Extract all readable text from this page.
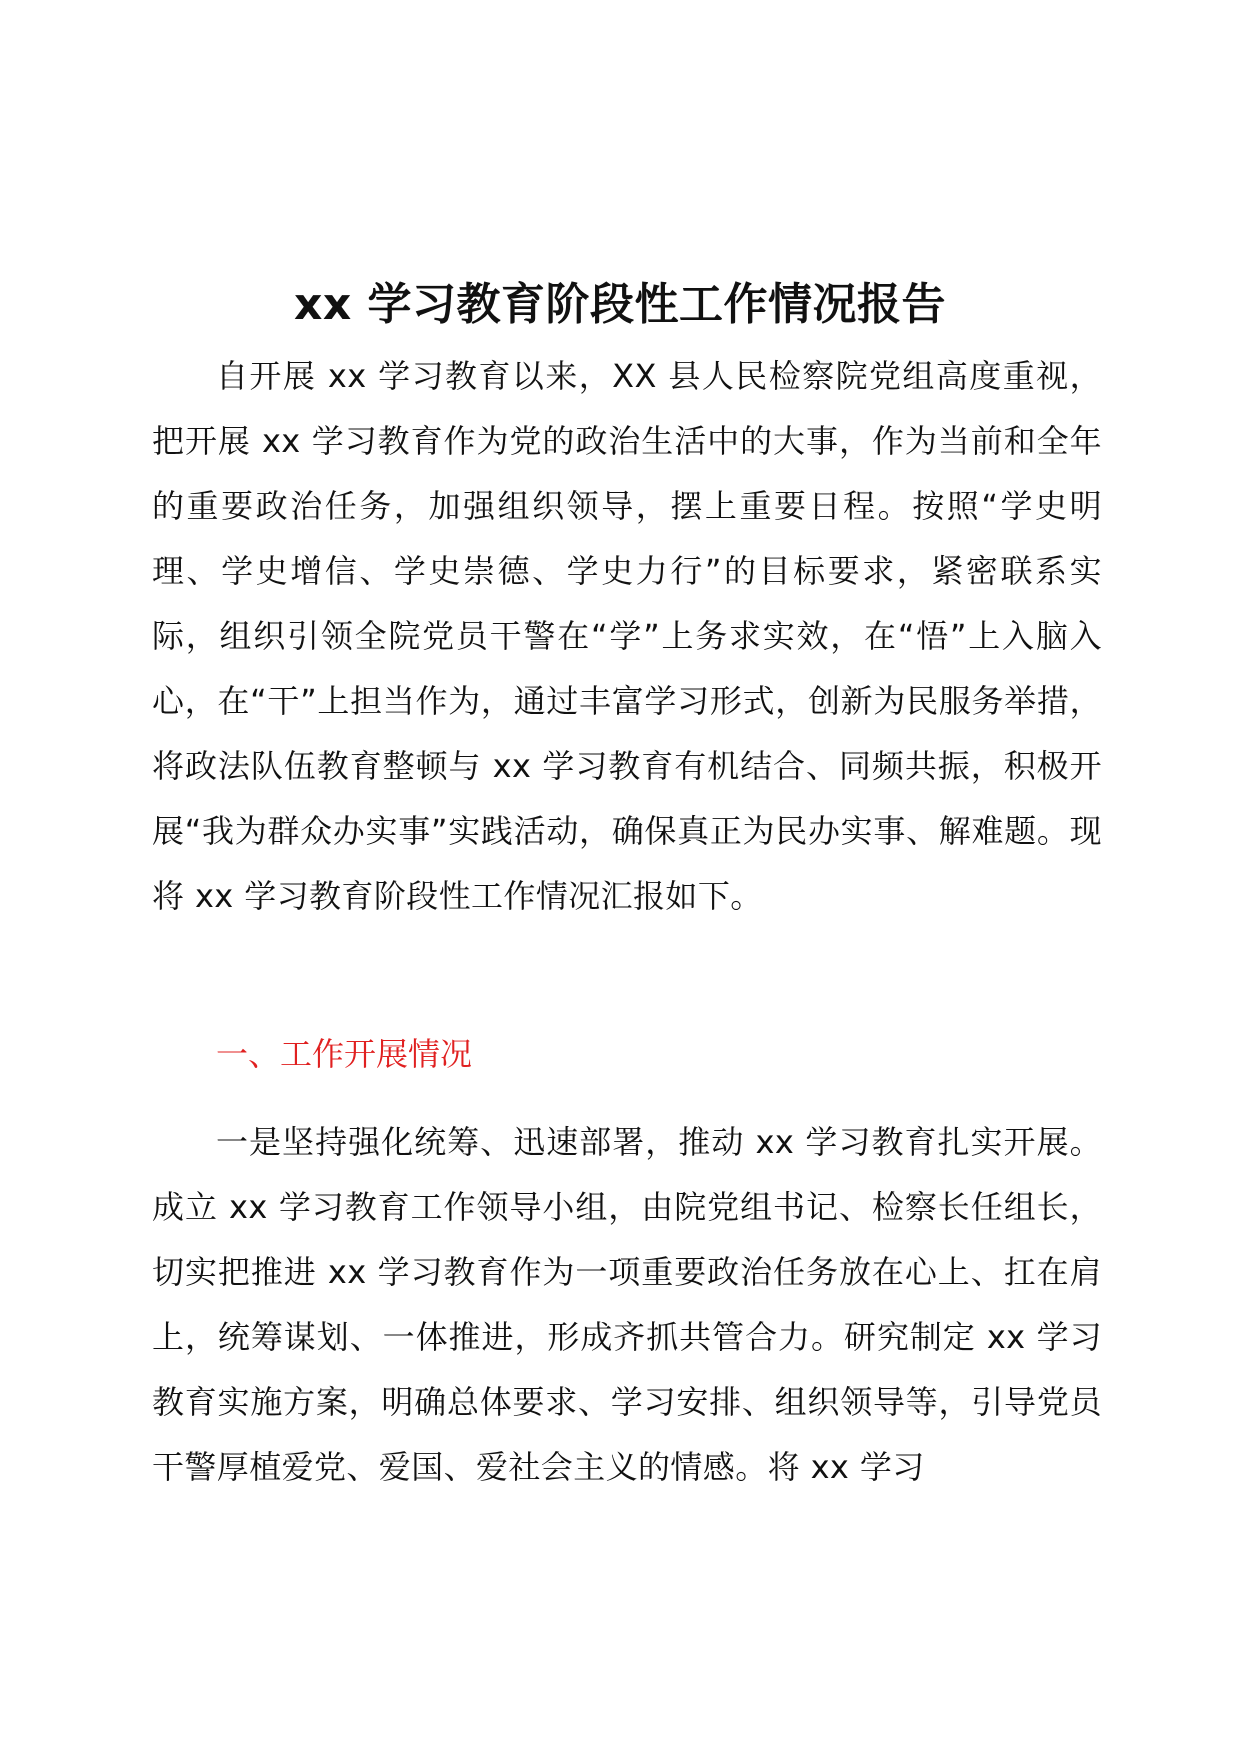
xx 学习教育阶段性工作情况报告

自开展 xx 学习教育以来，XX 县人民检察院党组高度重视，把开展 xx 学习教育作为党的政治生活中的大事，作为当前和全年的重要政治任务，加强组织领导，摆上重要日程。按照“学史明理、学史增信、学史崇德、学史力行”的目标要求，紧密联系实际，组织引领全院党员干警在“学”上务求实效，在“悟”上入脑入心，在“干”上担当作为，通过丰富学习形式，创新为民服务举措，将政法队伍教育整顿与 xx 学习教育有机结合、同频共振，积极开展“我为群众办实事”实践活动，确保真正为民办实事、解难题。现将 xx 学习教育阶段性工作情况汇报如下。

一、工作开展情况

一是坚持强化统筹、迅速部署，推动 xx 学习教育扎实开展。成立 xx 学习教育工作领导小组，由院党组书记、检察长任组长，切实把推进 xx 学习教育作为一项重要政治任务放在心上、扛在肩上，统筹谋划、一体推进，形成齐抓共管合力。研究制定 xx 学习教育实施方案，明确总体要求、学习安排、组织领导等，引导党员干警厚植爱党、爱国、爱社会主义的情感。将 xx 学习
